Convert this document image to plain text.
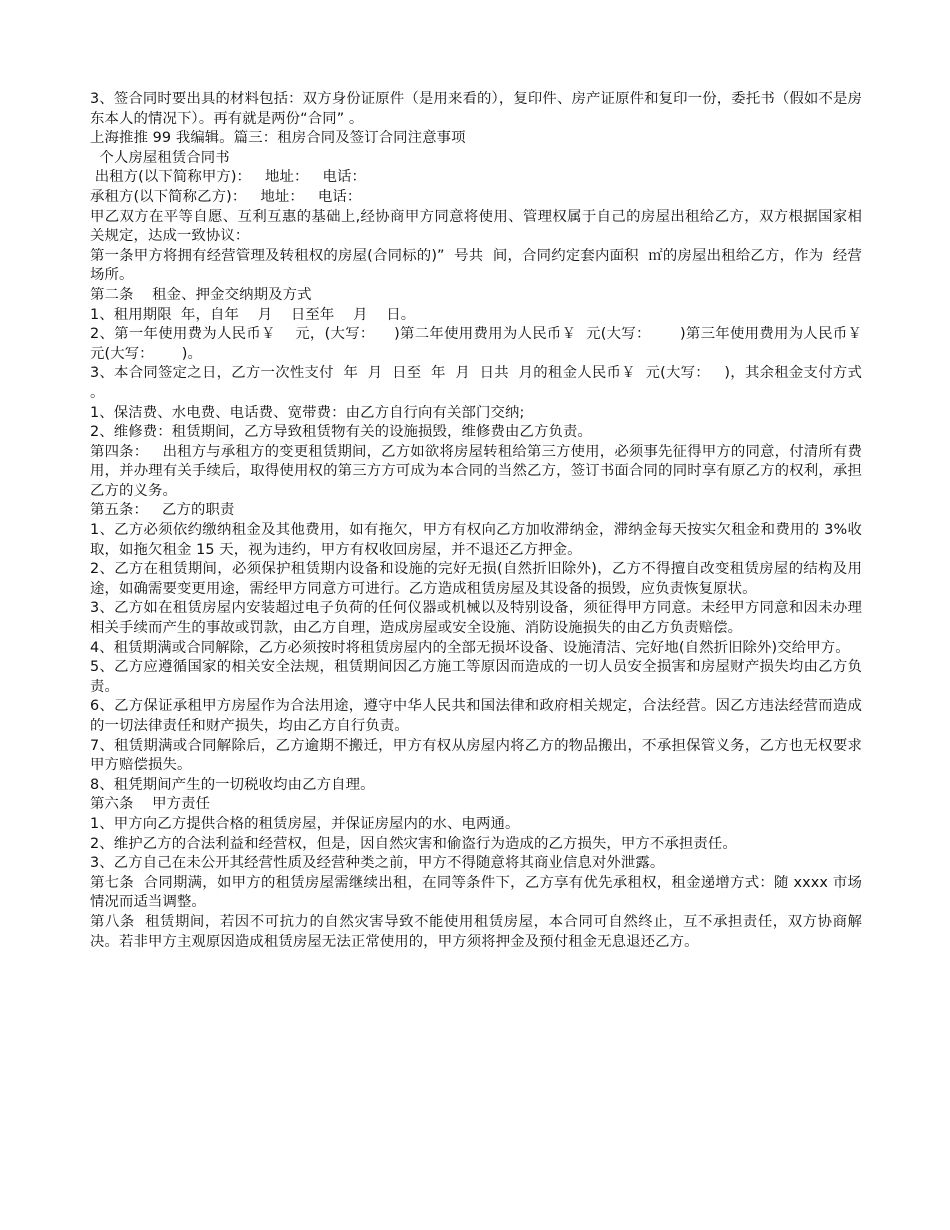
3、签合同时要出具的材料包括：双方身份证原件（是用来看的），复印件、房产证原件和复印一份，委托书（假如不是房东本人的情况下）。再有就是两份“合同” 。

上海推推 99 我编辑。篇三：租房合同及签订合同注意事项

个人房屋租赁合同书

出租方(以下简称甲方)：   地址：   电话：

承租方(以下简称乙方)：   地址：   电话：

甲乙双方在平等自愿、互利互惠的基础上,经协商甲方同意将使用、管理权属于自己的房屋出租给乙方，双方根据国家相关规定，达成一致协议：

第一条甲方将拥有经营管理及转租权的房屋(合同标的)”  号共  间，合同约定套内面积  ㎡的房屋出租给乙方，作为  经营场所。

第二条    租金、押金交纳期及方式

1、租用期限  年，自年    月    日至年    月    日。

2、第一年使用费为人民币￥    元，(大写：    )第二年使用费用为人民币￥  元(大写：      )第三年使用费用为人民币￥  元(大写：      )。

3、本合同签定之日，乙方一次性支付  年  月  日至  年  月  日共  月的租金人民币￥  元(大写：   )，其余租金支付方式  。

1、保洁费、水电费、电话费、宽带费：由乙方自行向有关部门交纳;

2、维修费：租赁期间，乙方导致租赁物有关的设施损毁，维修费由乙方负责。

第四条：   出租方与承租方的变更租赁期间，乙方如欲将房屋转租给第三方使用，必须事先征得甲方的同意，付清所有费用，并办理有关手续后，取得使用权的第三方方可成为本合同的当然乙方，签订书面合同的同时享有原乙方的权利，承担乙方的义务。

第五条：   乙方的职责

1、乙方必须依约缴纳租金及其他费用，如有拖欠，甲方有权向乙方加收滞纳金，滞纳金每天按实欠租金和费用的 3%收取，如拖欠租金 15 天，视为违约，甲方有权收回房屋，并不退还乙方押金。

2、乙方在租赁期间，必须保护租赁期内设备和设施的完好无损(自然折旧除外)，乙方不得擅自改变租赁房屋的结构及用途，如确需要变更用途，需经甲方同意方可进行。乙方造成租赁房屋及其设备的损毁，应负责恢复原状。

3、乙方如在租赁房屋内安装超过电子负荷的任何仪器或机械以及特别设备，须征得甲方同意。未经甲方同意和因未办理相关手续而产生的事故或罚款，由乙方自理，造成房屋或安全设施、消防设施损失的由乙方负责赔偿。

4、租赁期满或合同解除，乙方必须按时将租赁房屋内的全部无损坏设备、设施清洁、完好地(自然折旧除外)交给甲方。

5、乙方应遵循国家的相关安全法规，租赁期间因乙方施工等原因而造成的一切人员安全损害和房屋财产损失均由乙方负责。

6、乙方保证承租甲方房屋作为合法用途，遵守中华人民共和国法律和政府相关规定，合法经营。因乙方违法经营而造成的一切法律责任和财产损失，均由乙方自行负责。

7、租赁期满或合同解除后，乙方逾期不搬迁，甲方有权从房屋内将乙方的物品搬出，不承担保管义务，乙方也无权要求甲方赔偿损失。

8、租凭期间产生的一切税收均由乙方自理。

第六条    甲方责任

1、甲方向乙方提供合格的租赁房屋，并保证房屋内的水、电两通。

2、维护乙方的合法利益和经营权，但是，因自然灾害和偷盗行为造成的乙方损失，甲方不承担责任。

3、乙方自己在未公开其经营性质及经营种类之前，甲方不得随意将其商业信息对外泄露。

第七条  合同期满，如甲方的租赁房屋需继续出租，在同等条件下，乙方享有优先承租权，租金递增方式：随 xxxx 市场情况而适当调整。

第八条  租赁期间，若因不可抗力的自然灾害导致不能使用租赁房屋，本合同可自然终止，互不承担责任，双方协商解决。若非甲方主观原因造成租赁房屋无法正常使用的，甲方须将押金及预付租金无息退还乙方。
